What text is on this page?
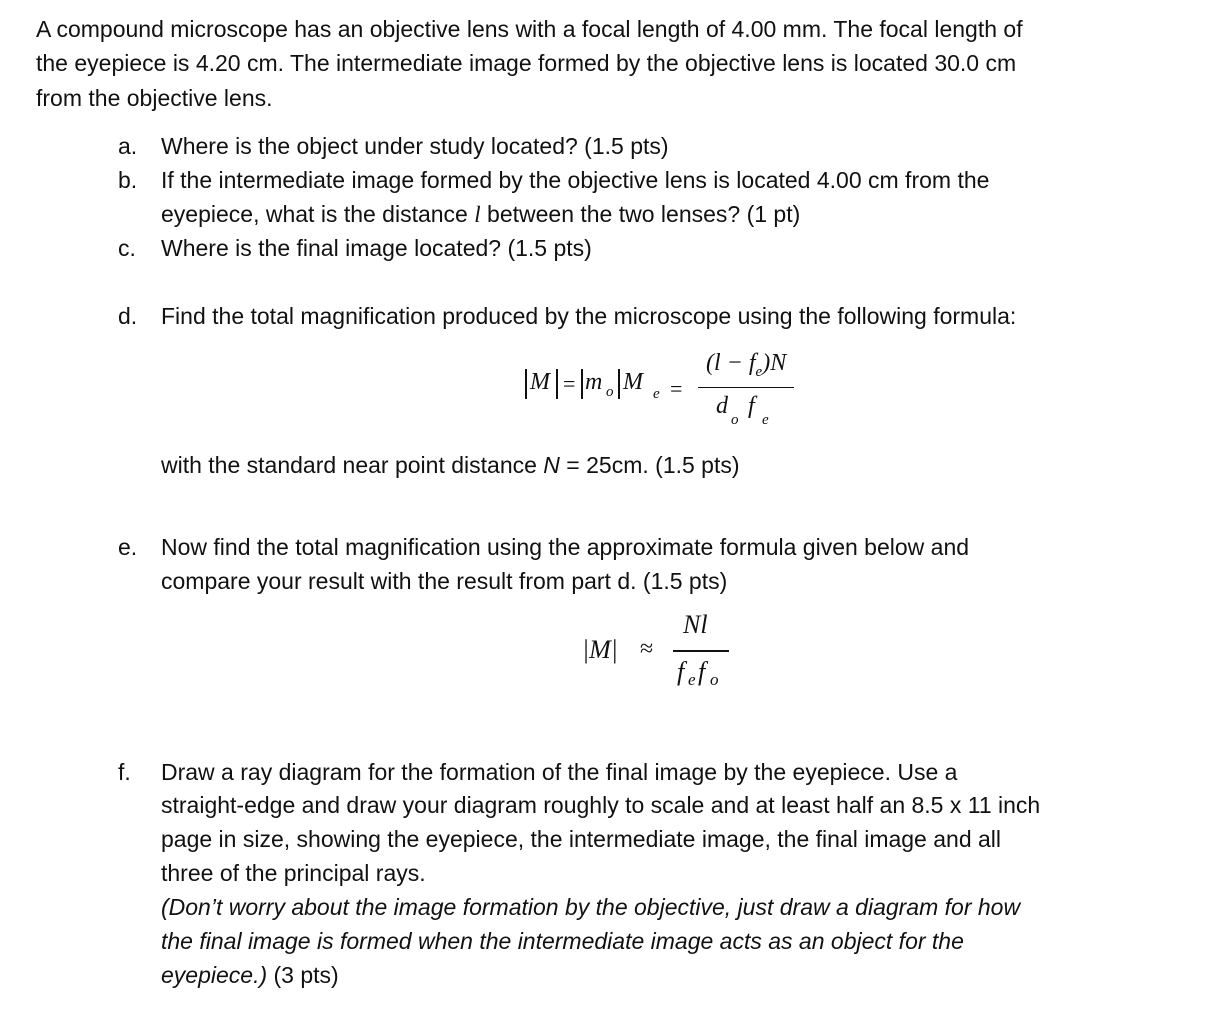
A compound microscope has an objective lens with a focal length of 4.00 mm. The focal length of
the eyepiece is 4.20 cm. The intermediate image formed by the objective lens is located 30.0 cm
from the objective lens.
a. Where is the object under study located? (1.5 pts)
b. If the intermediate image formed by the objective lens is located 4.00 cm from the
eyepiece, what is the distance l between the two lenses? (1 pt)
c. Where is the final image located? (1.5 pts)
d. Find the total magnification produced by the microscope using the following formula:
M = m o M e =
$(l - f_e)N$
d
o
f
e
with the standard near point distance N = 25cm. (1.5 pts)
e. Now find the total magnification using the approximate formula given below and
compare your result with the result from part d. (1.5 pts)
|M| ≈
Nl
f e f o
f. Draw a ray diagram for the formation of the final image by the eyepiece. Use a
straight-edge and draw your diagram roughly to scale and at least half an 8.5 x 11 inch
page in size, showing the eyepiece, the intermediate image, the final image and all
three of the principal rays.
(Don’t worry about the image formation by the objective, just draw a diagram for how
the final image is formed when the intermediate image acts as an object for the
eyepiece.) (3 pts)
